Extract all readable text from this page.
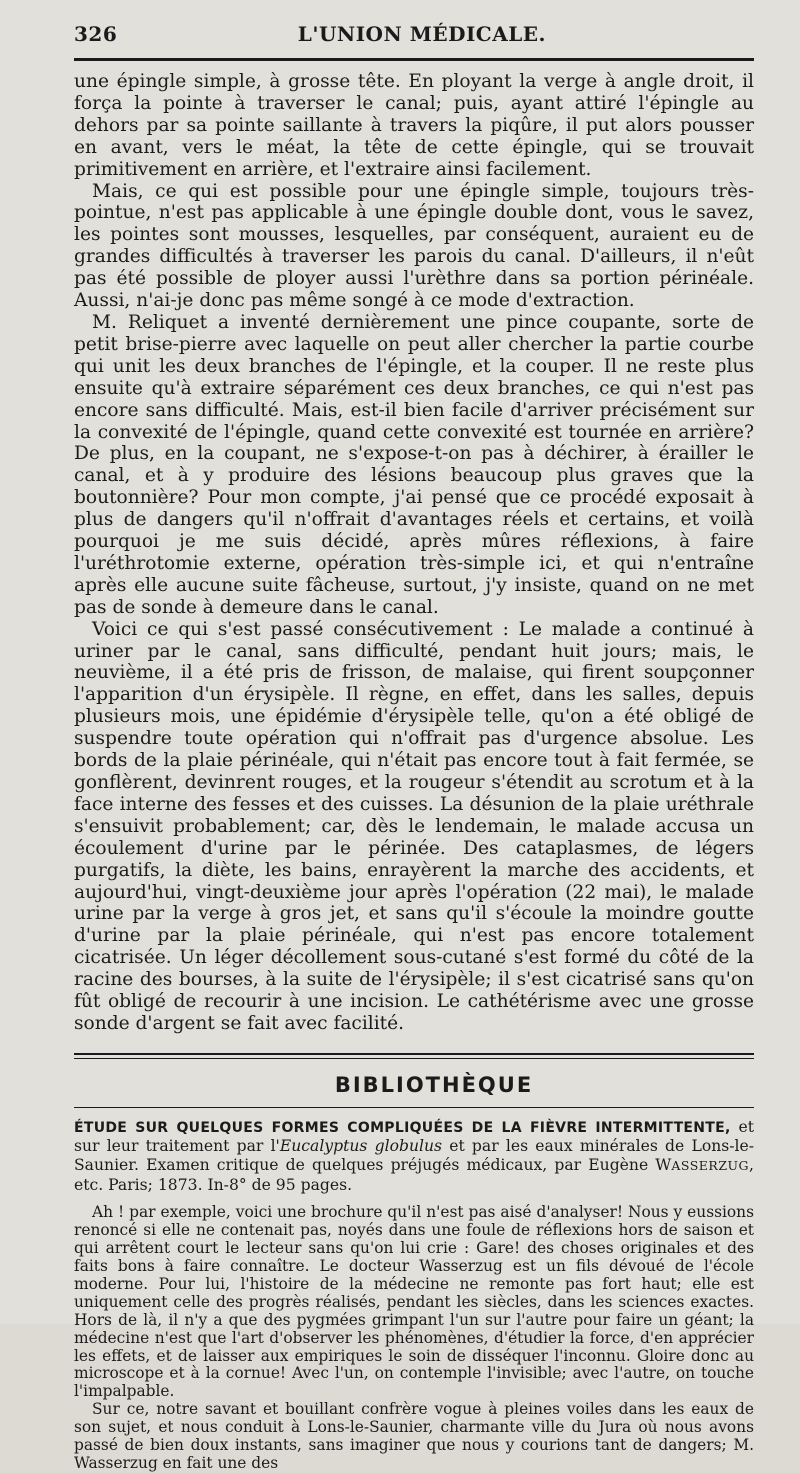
326	L'UNION MÉDICALE.

une épingle simple, à grosse tête. En ployant la verge à angle droit, il força la pointe à traverser le canal; puis, ayant attiré l'épingle au dehors par sa pointe saillante à travers la piqûre, il put alors pousser en avant, vers le méat, la tête de cette épingle, qui se trouvait primitivement en arrière, et l'extraire ainsi facilement.

Mais, ce qui est possible pour une épingle simple, toujours très-pointue, n'est pas applicable à une épingle double dont, vous le savez, les pointes sont mousses, lesquelles, par conséquent, auraient eu de grandes difficultés à traverser les parois du canal. D'ailleurs, il n'eût pas été possible de ployer aussi l'urèthre dans sa portion périnéale. Aussi, n'ai-je donc pas même songé à ce mode d'extraction.

M. Reliquet a inventé dernièrement une pince coupante, sorte de petit brise-pierre avec laquelle on peut aller chercher la partie courbe qui unit les deux branches de l'épingle, et la couper. Il ne reste plus ensuite qu'à extraire séparément ces deux branches, ce qui n'est pas encore sans difficulté. Mais, est-il bien facile d'arriver précisément sur la convexité de l'épingle, quand cette convexité est tournée en arrière? De plus, en la coupant, ne s'expose-t-on pas à déchirer, à érailler le canal, et à y produire des lésions beaucoup plus graves que la boutonnière? Pour mon compte, j'ai pensé que ce procédé exposait à plus de dangers qu'il n'offrait d'avantages réels et certains, et voilà pourquoi je me suis décidé, après mûres réflexions, à faire l'uréthrotomie externe, opération très-simple ici, et qui n'entraîne après elle aucune suite fâcheuse, surtout, j'y insiste, quand on ne met pas de sonde à demeure dans le canal.

Voici ce qui s'est passé consécutivement : Le malade a continué à uriner par le canal, sans difficulté, pendant huit jours; mais, le neuvième, il a été pris de frisson, de malaise, qui firent soupçonner l'apparition d'un érysipèle. Il règne, en effet, dans les salles, depuis plusieurs mois, une épidémie d'érysipèle telle, qu'on a été obligé de suspendre toute opération qui n'offrait pas d'urgence absolue. Les bords de la plaie périnéale, qui n'était pas encore tout à fait fermée, se gonflèrent, devinrent rouges, et la rougeur s'étendit au scrotum et à la face interne des fesses et des cuisses. La désunion de la plaie uréthrale s'ensuivit probablement; car, dès le lendemain, le malade accusa un écoulement d'urine par le périnée. Des cataplasmes, de légers purgatifs, la diète, les bains, enrayèrent la marche des accidents, et aujourd'hui, vingt-deuxième jour après l'opération (22 mai), le malade urine par la verge à gros jet, et sans qu'il s'écoule la moindre goutte d'urine par la plaie périnéale, qui n'est pas encore totalement cicatrisée. Un léger décollement sous-cutané s'est formé du côté de la racine des bourses, à la suite de l'érysipèle; il s'est cicatrisé sans qu'on fût obligé de recourir à une incision. Le cathétérisme avec une grosse sonde d'argent se fait avec facilité.

BIBLIOTHÈQUE
ÉTUDE SUR QUELQUES FORMES COMPLIQUÉES DE LA FIÈVRE INTERMITTENTE, et sur leur traitement par l'Eucalyptus globulus et par les eaux minérales de Lons-le-Saunier. Examen critique de quelques préjugés médicaux, par Eugène WASSERZUG, etc. Paris; 1873. In-8° de 95 pages.

Ah ! par exemple, voici une brochure qu'il n'est pas aisé d'analyser! Nous y eussions renoncé si elle ne contenait pas, noyés dans une foule de réflexions hors de saison et qui arrêtent court le lecteur sans qu'on lui crie : Gare! des choses originales et des faits bons à faire connaître. Le docteur Wasserzug est un fils dévoué de l'école moderne. Pour lui, l'histoire de la médecine ne remonte pas fort haut; elle est uniquement celle des progrès réalisés, pendant les siècles, dans les sciences exactes. Hors de là, il n'y a que des pygmées grimpant l'un sur l'autre pour faire un géant; la médecine n'est que l'art d'observer les phénomènes, d'étudier la force, d'en apprécier les effets, et de laisser aux empiriques le soin de disséquer l'inconnu. Gloire donc au microscope et à la cornue! Avec l'un, on contemple l'invisible; avec l'autre, on touche l'impalpable.

Sur ce, notre savant et bouillant confrère vogue à pleines voiles dans les eaux de son sujet, et nous conduit à Lons-le-Saunier, charmante ville du Jura où nous avons passé de bien doux instants, sans imaginer que nous y courions tant de dangers; M. Wasserzug en fait une des
